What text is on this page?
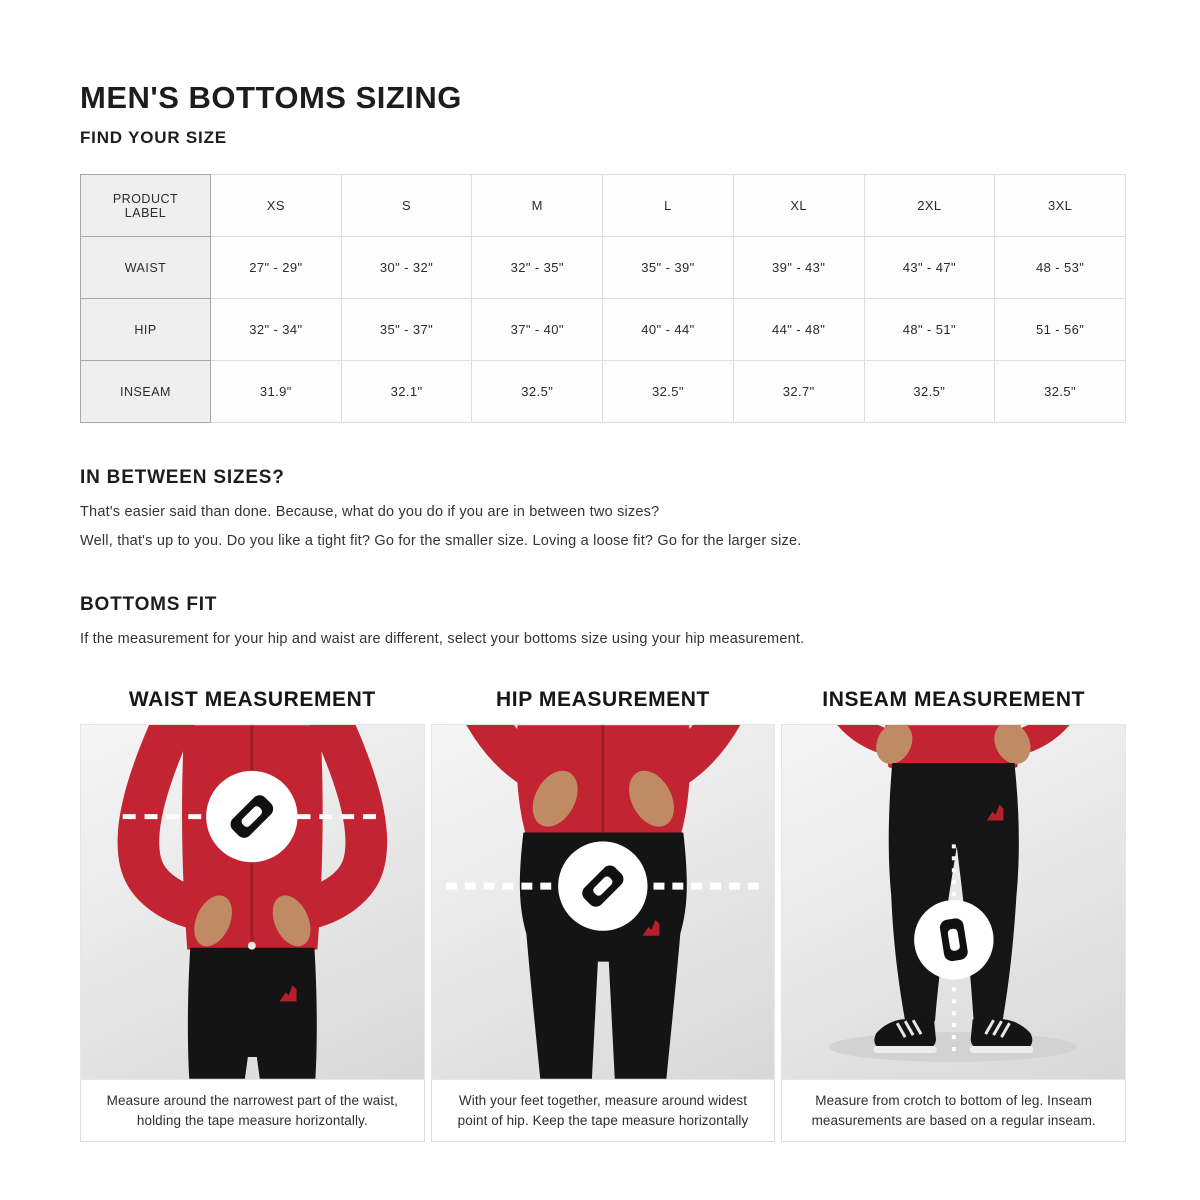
MEN'S BOTTOMS SIZING
FIND YOUR SIZE
PRODUCT LABEL	XS	S	M	L	XL	2XL	3XL
WAIST	27" - 29"	30" - 32"	32" - 35"	35" - 39"	39" - 43"	43" - 47"	48 - 53"
HIP	32" - 34"	35" - 37"	37" - 40"	40" - 44"	44" - 48"	48" - 51"	51 - 56"
INSEAM	31.9"	32.1"	32.5"	32.5"	32.7"	32.5"	32.5"
IN BETWEEN SIZES?

That's easier said than done. Because, what do you do if you are in between two sizes?

Well, that's up to you. Do you like a tight fit? Go for the smaller size. Loving a loose fit? Go for the larger size.

BOTTOMS FIT

If the measurement for your hip and waist are different, select your bottoms size using your hip measurement.

WAIST MEASUREMENT	HIP MEASUREMENT	INSEAM MEASUREMENT
Measure around the narrowest part of the waist, holding the tape measure horizontally.
With your feet together, measure around widest point of hip. Keep the tape measure horizontally
Measure from crotch to bottom of leg. Inseam measurements are based on a regular inseam.
